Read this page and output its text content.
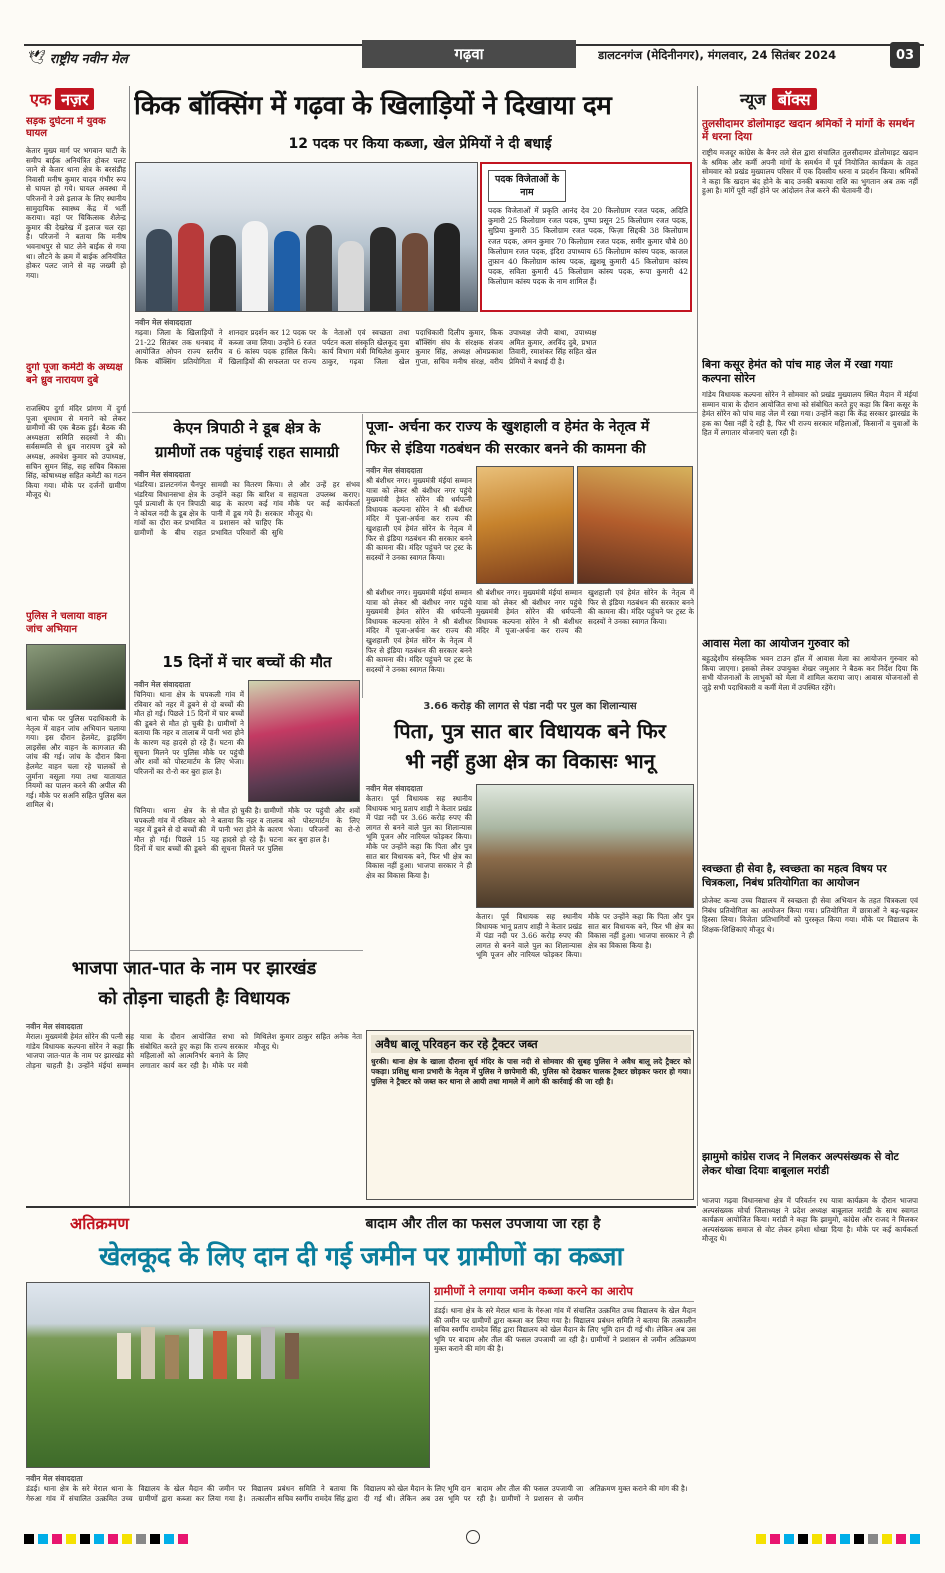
🕊 राष्ट्रीय नवीन मेल	गढ़वा	डालटनगंज (मेदिनीनगर), मंगलवार, 24 सितंबर 2024	03
एक नज़र
सड़क दुर्घटना में युवक घायल
केतार मुख्य मार्ग पर भगवान घाटी के समीप बाईक अनियंत्रित होकर पलट जाने से केतार थाना क्षेत्र के बरसंडीह निवासी मनीष कुमार यादव गंभीर रूप से घायल हो गये। घायल अवस्था में परिजनों ने उसे इलाज के लिए स्थानीय सामुदायिक स्वास्थ्य केंद्र में भर्ती कराया। वहां पर चिकित्सक शैलेन्द्र कुमार की देखरेख में इलाज चल रहा है। परिजनों ने बताया कि मनीष भवनाथपुर से घाट लेने बाईक से गया था। लौटने के क्रम में बाईक अनियंत्रित होकर पलट जाने से वह जख्मी हो गया।
दुर्गा पूजा कमेटी के अध्यक्ष बने ध्रुव नारायण दुबे
राजस्थिप दुर्गा मंदिर प्रांगण में दुर्गा पूजा धूमधाम से मनाने को लेकर ग्रामीणों की एक बैठक हुई। बैठक की अध्यक्षता समिति सदस्यों ने की। सर्वसम्मति से ध्रुव नारायण दुबे को अध्यक्ष, अवधेश कुमार को उपाध्यक्ष, सचिन सुमन सिंह, सह सचिव विकास सिंह, कोषाध्यक्ष सहित कमेटी का गठन किया गया। मौके पर दर्जनों ग्रामीण मौजूद थे।
पुलिस ने चलाया वाहन जांच अभियान
थाना चौक पर पुलिस पदाधिकारी के नेतृत्व में वाहन जांच अभियान चलाया गया। इस दौरान हेलमेट, ड्राइविंग लाइसेंस और वाहन के कागजात की जांच की गई। जांच के दौरान बिना हेलमेट वाहन चला रहे चालकों से जुर्माना वसूला गया तथा यातायात नियमों का पालन करने की अपील की गई। मौके पर सअनि सहित पुलिस बल शामिल थे।
किक बॉक्सिंग में गढ़वा के खिलाड़ियों ने दिखाया दम
12 पदक पर किया कब्जा, खेल प्रेमियों ने दी बधाई
पदक विजेताओं के नाम
पदक विजेताओं में प्रकृति आनंद देव 20 किलोग्राम रजत पदक, अदिति कुमारी 25 किलोग्राम रजत पदक, पुष्पा प्रसून 25 किलोग्राम रजत पदक, सुप्रिया कुमारी 35 किलोग्राम रजत पदक, फिज़ा सिद्दकी 38 किलोग्राम रजत पदक, अमन कुमार 70 किलोग्राम रजत पदक, समीर कुमार चौबे 80 किलोग्राम रजत पदक, इंदिरा उपाध्याय 65 किलोग्राम कांस्य पदक, काजल तुफ़ान 40 किलोग्राम कांस्य पदक, ख़ुशबू कुमारी 45 किलोग्राम कांस्य पदक, सविता कुमारी 45 किलोग्राम कांस्य पदक, रूपा कुमारी 42 किलोग्राम कांस्य पदक के नाम शामिल हैं।
नवीन मेल संवाददाता
गढ़वा। जिला के खिलाड़ियों ने 21-22 सितंबर तक धनबाद में आयोजित ओपन राज्य स्तरीय किक बॉक्सिंग प्रतियोगिता में शानदार प्रदर्शन कर 12 पदक पर कब्जा जमा लिया। उन्होंने 6 रजत व 6 कांस्य पदक हासिल किये। खिलाड़ियों की सफलता पर राज्य के नेताओं एवं स्वच्छता तथा पर्यटन कला संस्कृति खेलकूद युवा कार्य विभाग मंत्री मिथिलेश कुमार ठाकुर, गढ़वा जिला खेल पदाधिकारी दिलीप कुमार, किक बॉक्सिंग संघ के संरक्षक संजय कुमार सिंह, अध्यक्ष ओमप्रकाश गुप्ता, सचिव मनीष संरक्ष, वरीय उपाध्यक्ष जेपी बाथा, उपाध्यक्ष अमित कुमार, अरविंद दुबे, प्रभात तिवारी, रमाशंकर सिंह सहित खेल प्रेमियों ने बधाई दी है।
केएन त्रिपाठी ने डूब क्षेत्र के
ग्रामीणों तक पहुंचाई राहत सामाग्री
नवीन मेल संवाददाता
भंडरिया। डालटनगंज चैनपुर भंडरिया विधानसभा क्षेत्र के पूर्व प्रत्याशी के एन त्रिपाठी ने कोयल नदी के डूब क्षेत्र के गांवों का दौरा कर प्रभावित ग्रामीणों के बीच राहत सामग्री का वितरण किया। उन्होंने कहा कि बारिश व बाढ़ के कारण कई गांव पानी में डूब गये हैं। सरकार व प्रशासन को चाहिए कि प्रभावित परिवारों की सुधि ले और उन्हें हर संभव सहायता उपलब्ध कराए। मौके पर कई कार्यकर्ता मौजूद थे।
पूजा- अर्चना कर राज्य के खुशहाली व हेमंत के नेतृत्व में
फिर से इंडिया गठबंधन की सरकार बनने की कामना की
नवीन मेल संवाददाता
श्री बंशीधर नगर। मुख्यमंत्री मंईयां सम्मान यात्रा को लेकर श्री बंशीधर नगर पहुंचे मुख्यमंत्री हेमंत सोरेन की धर्मपत्नी विधायक कल्पना सोरेन ने श्री बंशीधर मंदिर में पूजा-अर्चना कर राज्य की खुशहाली एवं हेमंत सोरेन के नेतृत्व में फिर से इंडिया गठबंधन की सरकार बनने की कामना की। मंदिर पहुंचने पर ट्रस्ट के सदस्यों ने उनका स्वागत किया।
श्री बंशीधर नगर। मुख्यमंत्री मंईयां सम्मान यात्रा को लेकर श्री बंशीधर नगर पहुंचे मुख्यमंत्री हेमंत सोरेन की धर्मपत्नी विधायक कल्पना सोरेन ने श्री बंशीधर मंदिर में पूजा-अर्चना कर राज्य की खुशहाली एवं हेमंत सोरेन के नेतृत्व में फिर से इंडिया गठबंधन की सरकार बनने की कामना की। मंदिर पहुंचने पर ट्रस्ट के सदस्यों ने उनका स्वागत किया।
श्री बंशीधर नगर। मुख्यमंत्री मंईयां सम्मान यात्रा को लेकर श्री बंशीधर नगर पहुंचे मुख्यमंत्री हेमंत सोरेन की धर्मपत्नी विधायक कल्पना सोरेन ने श्री बंशीधर मंदिर में पूजा-अर्चना कर राज्य की खुशहाली एवं हेमंत सोरेन के नेतृत्व में फिर से इंडिया गठबंधन की सरकार बनने की कामना की। मंदिर पहुंचने पर ट्रस्ट के सदस्यों ने उनका स्वागत किया।
15 दिनों में चार बच्चों की मौत
नवीन मेल संवाददाता
चिनिया। थाना क्षेत्र के चपकली गांव में रविवार को नहर में डूबने से दो बच्चों की मौत हो गई। पिछले 15 दिनों में चार बच्चों की डूबने से मौत हो चुकी है। ग्रामीणों ने बताया कि नहर व तालाब में पानी भरा होने के कारण यह हादसे हो रहे हैं। घटना की सूचना मिलने पर पुलिस मौके पर पहुंची और शवों को पोस्टमार्टम के लिए भेजा। परिजनों का रो-रो कर बुरा हाल है।
चिनिया। थाना क्षेत्र के चपकली गांव में रविवार को नहर में डूबने से दो बच्चों की मौत हो गई। पिछले 15 दिनों में चार बच्चों की डूबने से मौत हो चुकी है। ग्रामीणों ने बताया कि नहर व तालाब में पानी भरा होने के कारण यह हादसे हो रहे हैं। घटना की सूचना मिलने पर पुलिस मौके पर पहुंची और शवों को पोस्टमार्टम के लिए भेजा। परिजनों का रो-रो कर बुरा हाल है।
3.66 करोड़ की लागत से पंडा नदी पर पुल का शिलान्यास
पिता, पुत्र सात बार विधायक बने फिर
भी नहीं हुआ क्षेत्र का विकासः भानू
नवीन मेल संवाददाता
केतार। पूर्व विधायक सह स्थानीय विधायक भानू प्रताप शाही ने केतार प्रखंड में पंडा नदी पर 3.66 करोड़ रुपए की लागत से बनने वाले पुल का शिलान्यास भूमि पूजन और नारियल फोड़कर किया। मौके पर उन्होंने कहा कि पिता और पुत्र सात बार विधायक बने, फिर भी क्षेत्र का विकास नहीं हुआ। भाजपा सरकार ने ही क्षेत्र का विकास किया है।
केतार। पूर्व विधायक सह स्थानीय विधायक भानू प्रताप शाही ने केतार प्रखंड में पंडा नदी पर 3.66 करोड़ रुपए की लागत से बनने वाले पुल का शिलान्यास भूमि पूजन और नारियल फोड़कर किया। मौके पर उन्होंने कहा कि पिता और पुत्र सात बार विधायक बने, फिर भी क्षेत्र का विकास नहीं हुआ। भाजपा सरकार ने ही क्षेत्र का विकास किया है।
भाजपा जात-पात के नाम पर झारखंड
को तोड़ना चाहती हैः विधायक
नवीन मेल संवाददाता
मेराल। मुख्यमंत्री हेमंत सोरेन की पत्नी सह गांडेय विधायक कल्पना सोरेन ने कहा कि भाजपा जात-पात के नाम पर झारखंड को तोड़ना चाहती है। उन्होंने मंईयां सम्मान यात्रा के दौरान आयोजित सभा को संबोधित करते हुए कहा कि राज्य सरकार महिलाओं को आत्मनिर्भर बनाने के लिए लगातार कार्य कर रही है। मौके पर मंत्री मिथिलेश कुमार ठाकुर सहित अनेक नेता मौजूद थे।	अवैध बालू परिवहन कर रहे ट्रैक्टर जब्त
धुरकी। थाना क्षेत्र के खाला दौराना सुर्य मंदिर के पास नदी से सोमवार की सुबह पुलिस ने अवैध बालू लदे ट्रैक्टर को पकड़ा। प्रशिक्षु थाना प्रभारी के नेतृत्व में पुलिस ने छापेमारी की, पुलिस को देखकर चालक ट्रैक्टर छोड़कर फरार हो गया। पुलिस ने ट्रैक्टर को जब्त कर थाना ले आयी तथा मामले में आगे की कार्रवाई की जा रही है।
न्यूज बॉक्स
तुलसीदामर डोलोमाइट खदान श्रमिकों ने मांगों के समर्थन में धरना दिया
राष्ट्रीय मजदूर कांग्रेस के बैनर तले सेल द्वारा संचालित तुलसीदामर डोलोमाइट खदान के श्रमिक और कर्मी अपनी मांगों के समर्थन में पूर्व नियोजित कार्यक्रम के तहत सोमवार को प्रखंड मुख्यालय परिसर में एक दिवसीय धरना व प्रदर्शन किया। श्रमिकों ने कहा कि खदान बंद होने के बाद उनकी बकाया राशि का भुगतान अब तक नहीं हुआ है। मांगें पूरी नहीं होने पर आंदोलन तेज करने की चेतावनी दी।
बिना कसूर हेमंत को पांच माह जेल में रखा गयाः कल्पना सोरेन
गांडेय विधायक कल्पना सोरेन ने सोमवार को प्रखंड मुख्यालय स्थित मैदान में मंईयां सम्मान यात्रा के दौरान आयोजित सभा को संबोधित करते हुए कहा कि बिना कसूर के हेमंत सोरेन को पांच माह जेल में रखा गया। उन्होंने कहा कि केंद्र सरकार झारखंड के हक का पैसा नहीं दे रही है, फिर भी राज्य सरकार महिलाओं, किसानों व युवाओं के हित में लगातार योजनाएं चला रही है।
आवास मेला का आयोजन गुरुवार को
बहुउद्देशीय संस्कृतिक भवन टाउन हॉल में आवास मेला का आयोजन गुरुवार को किया जाएगा। इसको लेकर उपायुक्त शेखर जमुआर ने बैठक कर निर्देश दिया कि सभी योजनाओं के लाभुकों को मेला में शामिल कराया जाए। आवास योजनाओं से जुड़े सभी पदाधिकारी व कर्मी मेला में उपस्थित रहेंगे।
स्वच्छता ही सेवा है, स्वच्छता का महत्व विषय पर चित्रकला, निबंध प्रतियोगिता का आयोजन
प्रोजेक्ट कन्या उच्च विद्यालय में स्वच्छता ही सेवा अभियान के तहत चित्रकला एवं निबंध प्रतियोगिता का आयोजन किया गया। प्रतियोगिता में छात्राओं ने बढ़-चढ़कर हिस्सा लिया। विजेता प्रतिभागियों को पुरस्कृत किया गया। मौके पर विद्यालय के शिक्षक-शिक्षिकाएं मौजूद थे।
झामुमो कांग्रेस राजद ने मिलकर अल्पसंख्यक से वोट लेकर धोखा दियाः बाबूलाल मरांडी
भाजपा गढ़वा विधानसभा क्षेत्र में परिवर्तन रथ यात्रा कार्यक्रम के दौरान भाजपा अल्पसंख्यक मोर्चा जिलाध्यक्ष ने प्रदेश अध्यक्ष बाबूलाल मरांडी के साथ स्वागत कार्यक्रम आयोजित किया। मरांडी ने कहा कि झामुमो, कांग्रेस और राजद ने मिलकर अल्पसंख्यक समाज से वोट लेकर हमेशा धोखा दिया है। मौके पर कई कार्यकर्ता मौजूद थे।
अतिक्रमण	बादाम और तील का फसल उपजाया जा रहा है
खेलकूद के लिए दान दी गई जमीन पर ग्रामीणों का कब्जा
ग्रामीणों ने लगाया जमीन कब्जा करने का आरोप
डंडई। थाना क्षेत्र के सरे मेराल थाना के गेरुआ गांव में संचालित उत्क्रमित उच्च विद्यालय के खेल मैदान की जमीन पर ग्रामीणों द्वारा कब्जा कर लिया गया है। विद्यालय प्रबंधन समिति ने बताया कि तत्कालीन सचिव स्वर्गीय रामदेव सिंह द्वारा विद्यालय को खेल मैदान के लिए भूमि दान दी गई थी। लेकिन अब उस भूमि पर बादाम और तील की फसल उपजायी जा रही है। ग्रामीणों ने प्रशासन से जमीन अतिक्रमण मुक्त कराने की मांग की है।
नवीन मेल संवाददाता
डंडई। थाना क्षेत्र के सरे मेराल थाना के गेरुआ गांव में संचालित उत्क्रमित उच्च विद्यालय के खेल मैदान की जमीन पर ग्रामीणों द्वारा कब्जा कर लिया गया है। विद्यालय प्रबंधन समिति ने बताया कि तत्कालीन सचिव स्वर्गीय रामदेव सिंह द्वारा विद्यालय को खेल मैदान के लिए भूमि दान दी गई थी। लेकिन अब उस भूमि पर बादाम और तील की फसल उपजायी जा रही है। ग्रामीणों ने प्रशासन से जमीन अतिक्रमण मुक्त कराने की मांग की है।
